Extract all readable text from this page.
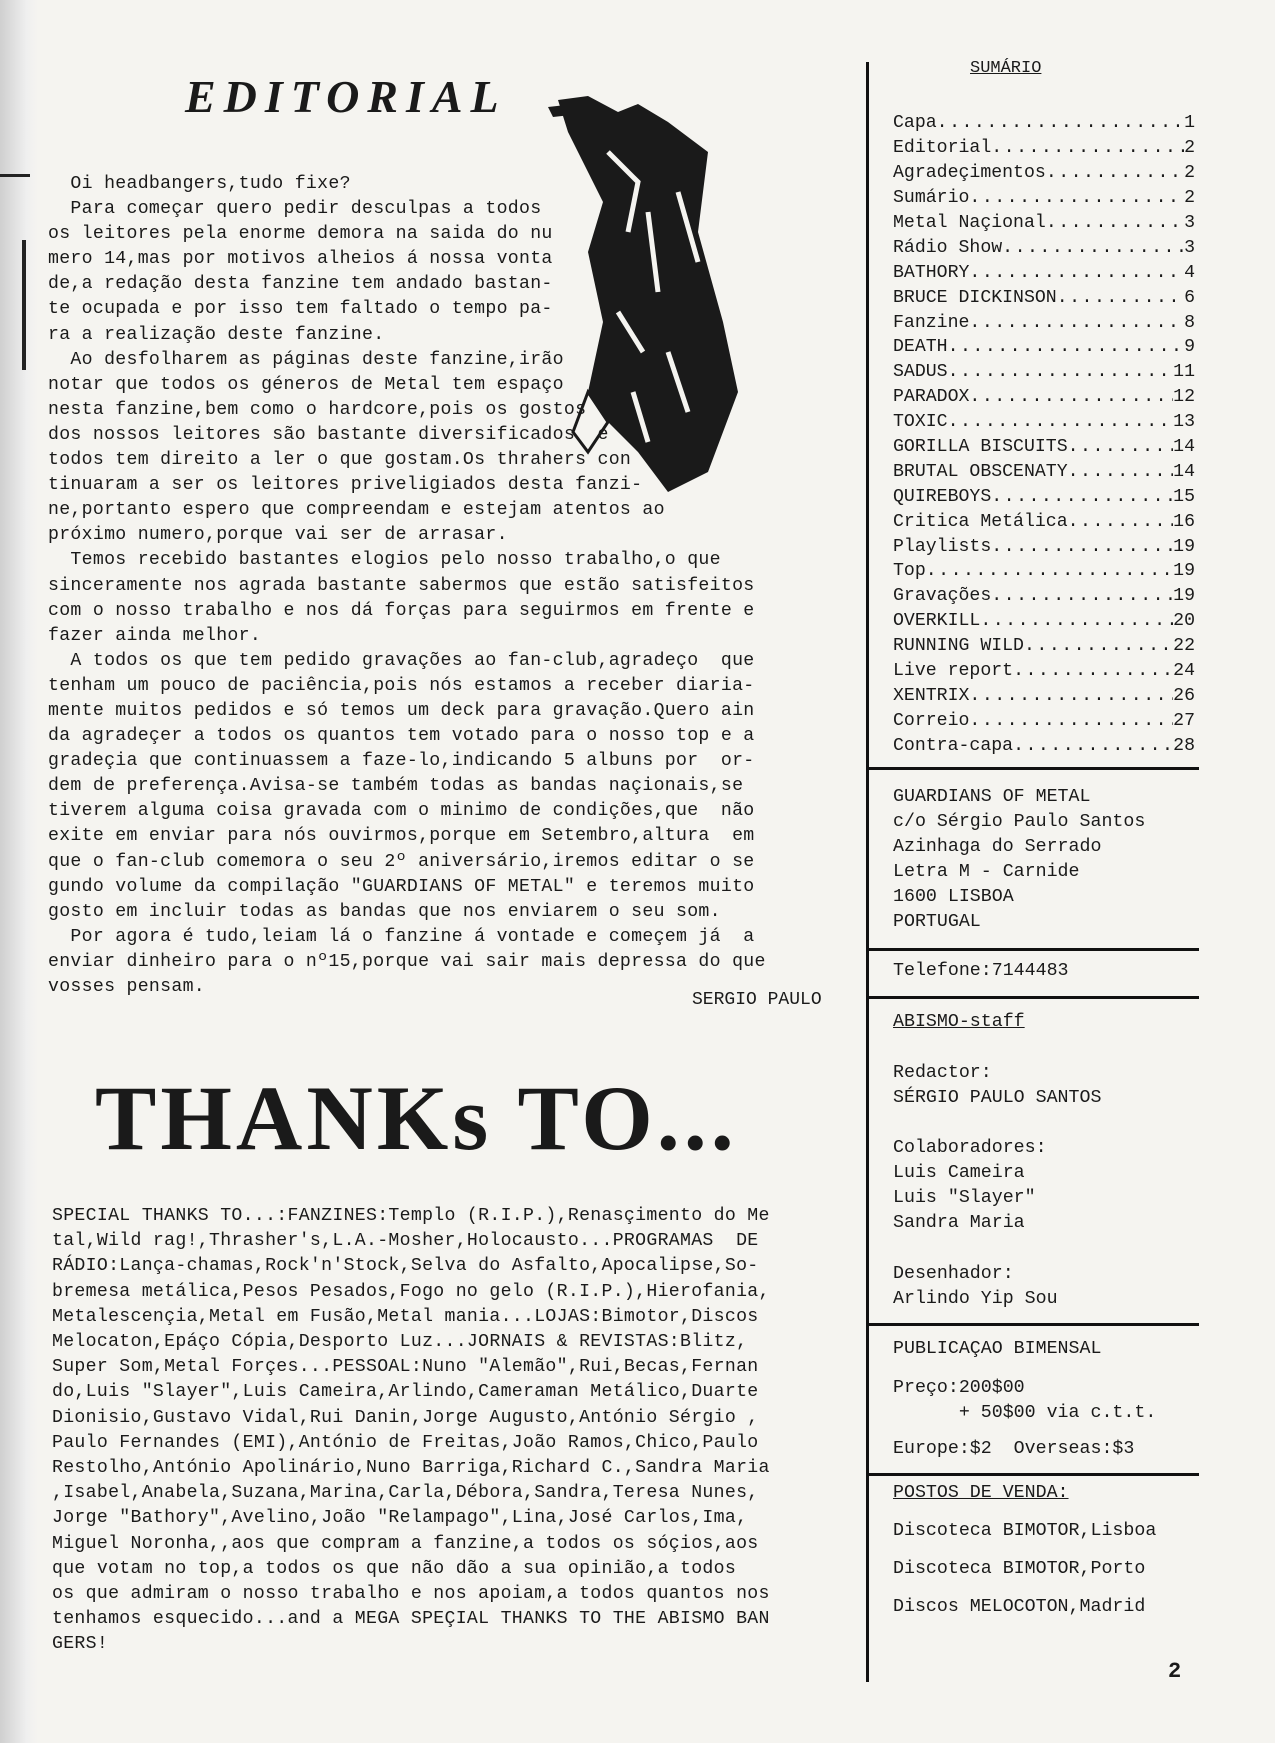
EDITORIAL
Oi headbangers,tudo fixe?
Para começar quero pedir desculpas a todos
os leitores pela enorme demora na saida do nu
mero 14,mas por motivos alheios á nossa vonta
de,a redação desta fanzine tem andado bastan-
te ocupada e por isso tem faltado o tempo pa-
ra a realização deste fanzine.
Ao desfolharem as páginas deste fanzine,irão
notar que todos os géneros de Metal tem espaço
nesta fanzine,bem como o hardcore,pois os gostos
dos nossos leitores são bastante diversificados  e
todos tem direito a ler o que gostam.Os thrahers con
tinuaram a ser os leitores priveligiados desta fanzi-
ne,portanto espero que compreendam e estejam atentos ao
próximo numero,porque vai ser de arrasar.
Temos recebido bastantes elogios pelo nosso trabalho,o que
sinceramente nos agrada bastante sabermos que estão satisfeitos
com o nosso trabalho e nos dá forças para seguirmos em frente e
fazer ainda melhor.
A todos os que tem pedido gravações ao fan-club,agradeço  que
tenham um pouco de paciência,pois nós estamos a receber diaria-
mente muitos pedidos e só temos um deck para gravação.Quero ain
da agradeçer a todos os quantos tem votado para o nosso top e a
gradeçia que continuassem a faze-lo,indicando 5 albuns por  or-
dem de preferença.Avisa-se também todas as bandas naçionais,se
tiverem alguma coisa gravada com o minimo de condições,que  não
exite em enviar para nós ouvirmos,porque em Setembro,altura  em
que o fan-club comemora o seu 2º aniversário,iremos editar o se
gundo volume da compilação "GUARDIANS OF METAL" e teremos muito
gosto em incluir todas as bandas que nos enviarem o seu som.
Por agora é tudo,leiam lá o fanzine á vontade e começem já  a
enviar dinheiro para o nº15,porque vai sair mais depressa do que
vosses pensam.
SERGIO PAULO
THANKs TO...
SPECIAL THANKS TO...:FANZINES:Templo (R.I.P.),Renasçimento do Me
tal,Wild rag!,Thrasher's,L.A.-Mosher,Holocausto...PROGRAMAS  DE
RÁDIO:Lança-chamas,Rock'n'Stock,Selva do Asfalto,Apocalipse,So-
bremesa metálica,Pesos Pesados,Fogo no gelo (R.I.P.),Hierofania,
Metalescençia,Metal em Fusão,Metal mania...LOJAS:Bimotor,Discos
Melocaton,Epáço Cópia,Desporto Luz...JORNAIS & REVISTAS:Blitz,
Super Som,Metal Forçes...PESSOAL:Nuno "Alemão",Rui,Becas,Fernan
do,Luis "Slayer",Luis Cameira,Arlindo,Cameraman Metálico,Duarte
Dionisio,Gustavo Vidal,Rui Danin,Jorge Augusto,António Sérgio ,
Paulo Fernandes (EMI),António de Freitas,João Ramos,Chico,Paulo
Restolho,António Apolinário,Nuno Barriga,Richard C.,Sandra Maria
,Isabel,Anabela,Suzana,Marina,Carla,Débora,Sandra,Teresa Nunes,
Jorge "Bathory",Avelino,João "Relampago",Lina,José Carlos,Ima,
Miguel Noronha,,aos que compram a fanzine,a todos os sóçios,aos
que votam no top,a todos os que não dão a sua opinião,a todos
os que admiram o nosso trabalho e nos apoiam,a todos quantos nos
tenhamos esquecido...and a MEGA SPEÇIAL THANKS TO THE ABISMO BAN
GERS!
SUMÁRIO
Capa .....	1
Editorial .....	2
Agradeçimentos .....	2
Sumário .....	2
Metal Naçional .....	3
Rádio Show .....	3
BATHORY .....	4
BRUCE DICKINSON .....	6
Fanzine .....	8
DEATH .....	9
SADUS .....	11
PARADOX .....	12
TOXIC .....	13
GORILLA BISCUITS .....	14
BRUTAL OBSCENATY .....	14
QUIREBOYS .....	15
Critica Metálica .....	16
Playlists .....	19
Top .....	19
Gravações .....	19
OVERKILL .....	20
RUNNING WILD .....	22
Live report .....	24
XENTRIX .....	26
Correio .....	27
Contra-capa .....	28
GUARDIANS OF METAL
c/o Sérgio Paulo Santos
Azinhaga do Serrado
Letra M - Carnide
1600 LISBOA
PORTUGAL
Telefone:7144483
ABISMO-staff
Redactor:
SÉRGIO PAULO SANTOS
Colaboradores:
Luis Cameira
Luis "Slayer"
Sandra Maria
Desenhador:
Arlindo Yip Sou
PUBLICAÇAO BIMENSAL
Preço:200$00
+ 50$00 via c.t.t.
Europe:$2  Overseas:$3
POSTOS DE VENDA:
Discoteca BIMOTOR,Lisboa

Discoteca BIMOTOR,Porto

Discos MELOCOTON,Madrid
2
